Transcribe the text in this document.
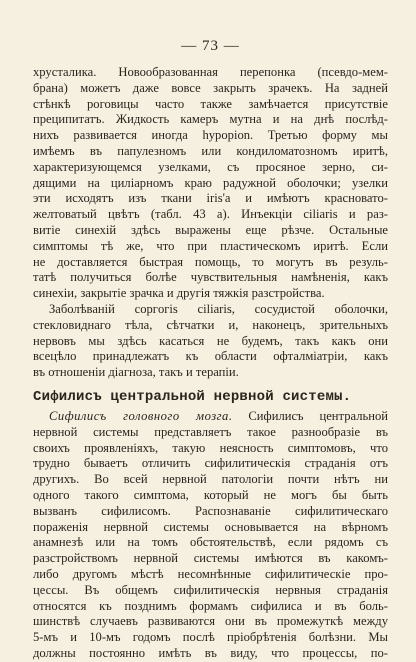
— 73 —

хрусталика. Новообразованная перепонка (псевдо-мем-
брана) можетъ даже вовсе закрыть зрачекъ. На задней
стѣнкѣ роговицы часто также замѣчается присутствіе
преципитатъ. Жидкость камеръ мутна и на днѣ послѣд-
нихъ развивается иногда һурорion. Третью форму мы
имѣемъ въ папулезномъ или кондиломатозномъ иритѣ,
характеризующемся узелками, съ просяное зерно, си-
дящими на циліарномъ краю радужной оболочки; узелки
эти исходятъ изъ ткани iris'а и имѣютъ красновато-
желтоватый цвѣтъ (табл. 43 а). Инъекціи ciliaris и раз-
витіе синехій здѣсь выражены еще рѣзче. Остальные
симптомы тѣ же, что при пластическомъ иритѣ. Если
не доставляется быстрая помощь, то могутъ въ резуль-
татѣ получиться болѣе чувствительныя намѣненія, какъ
синехіи, закрытіе зрачка и другія тяжкія разстройства.

Заболѣваній сoргoгis ciliaris, сосудистой оболочки,
стекловиднаго тѣла, сѣтчатки и, наконецъ, зрительныхъ
нервовъ мы здѣсь касаться не будемъ, такъ какъ они
всецѣло принадлежатъ къ области офталміатріи, какъ
въ отношеніи діагноза, такъ и терапіи.

Сифилисъ центральной нервной системы.

Сифилисъ головного мозга. Сифилисъ центральной
нервной системы представляетъ такое разнообразіе въ
своихъ проявленіяхъ, такую неясность симптомовъ, что
трудно бываетъ отличить сифилитическія страданія отъ
другихъ. Во всей нервной патологіи почти нѣтъ ни
одного такого симптома, который не могъ бы быть
вызванъ сифилисомъ. Распознаваніе сифилитическаго
пораженія нервной системы основывается на вѣрномъ
анамнезѣ или на томъ обстоятельствѣ, если рядомъ съ
разстройствомъ нервной системы имѣются въ какомъ-
либо другомъ мѣстѣ несомнѣнные сифилитическіе про-
цессы. Въ общемъ сифилитическія нервныя страданія
относятся къ позднимъ формамъ сифилиса и въ боль-
шинствѣ случаевъ развиваются они въ промежуткѣ между
5-мъ и 10-мъ годомъ послѣ пріобрѣтенія болѣзни. Мы
должны постоянно имѣть въ виду, что процессы, по-
